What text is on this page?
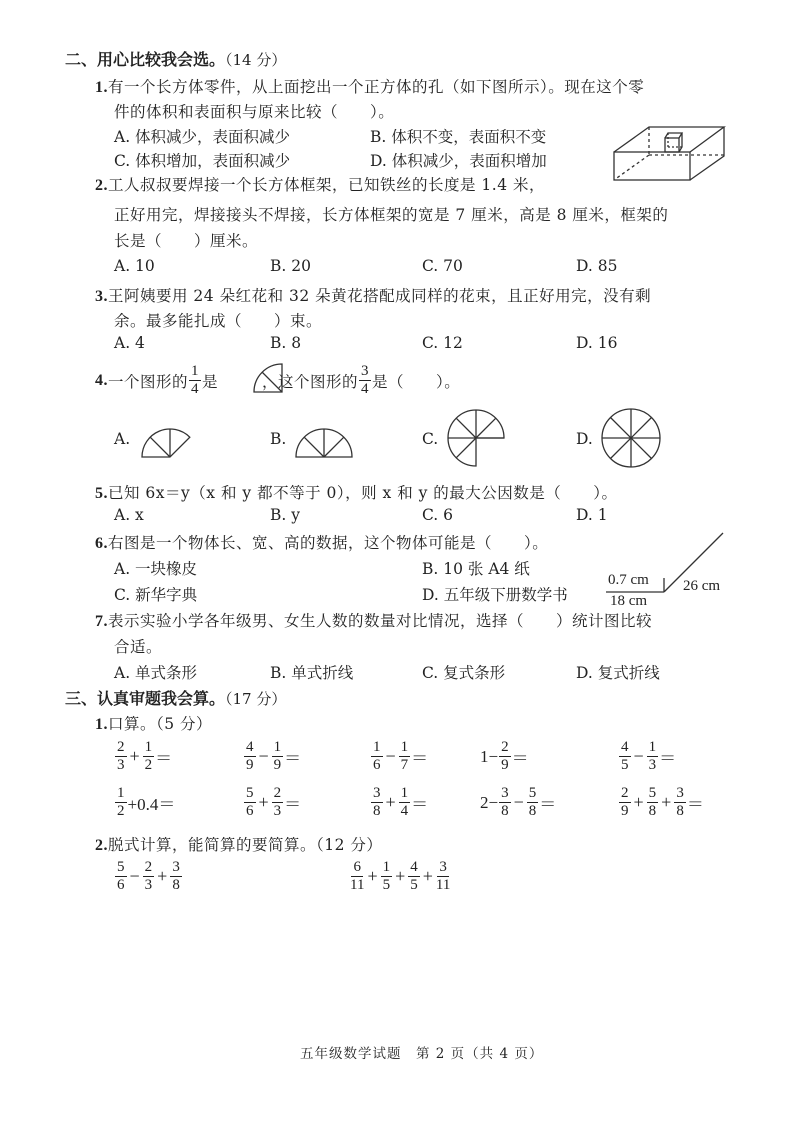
二、用心比较我会选。（14 分）
1.有一个长方体零件，从上面挖出一个正方体的孔（如下图所示）。现在这个零
件的体积和表面积与原来比较（　　）。
A. 体积减少，表面积减少	B. 体积不变，表面积不变
C. 体积增加，表面积减少	D. 体积减少，表面积增加
2.工人叔叔要焊接一个长方体框架，已知铁丝的长度是 1.4 米，
正好用完，焊接接头不焊接，长方体框架的宽是 7 厘米，高是 8 厘米，框架的
长是（　　）厘米。
A. 10	B. 20	C. 70	D. 85
3.王阿姨要用 24 朵红花和 32 朵黄花搭配成同样的花束，且正好用完，没有剩
余。最多能扎成（　　）束。
A. 4	B. 8	C. 12	D. 16
4. 一个图形的 $\frac{1}{4}$ 是	，这个图形的 $\frac{3}{4}$ 是（　　）。
A.	B.	C.	D.
5.已知 6x＝y（x 和 y 都不等于 0），则 x 和 y 的最大公因数是（　　）。
A. x	B. y	C. 6	D. 1
6.右图是一个物体长、宽、高的数据，这个物体可能是（　　）。
A. 一块橡皮	B. 10 张 A4 纸
C. 新华字典	D. 五年级下册数学书
0.7 cm
18 cm
26 cm
7.表示实验小学各年级男、女生人数的数量对比情况，选择（　　）统计图比较
合适。
A. 单式条形	B. 单式折线	C. 复式条形	D. 复式折线
三、认真审题我会算。（17 分）
1.口算。（5 分）
$\frac{2}{3} + \frac{1}{2}$ ＝	$\frac{4}{9} - \frac{1}{9}$ ＝	$\frac{1}{6} - \frac{1}{7}$ ＝	$1- \frac{2}{9}$ ＝	$\frac{4}{5} - \frac{1}{3}$ ＝
$\frac{1}{2} +0.4=$	$\frac{5}{6} + \frac{2}{3}$ ＝	$\frac{3}{8} + \frac{1}{4}$ ＝	$2- \frac{3}{8} - \frac{5}{8}$ ＝	$\frac{2}{9} + \frac{5}{8} + \frac{3}{8}$ ＝
2.脱式计算，能简算的要简算。（12 分）
$\frac{5}{6} - \frac{2}{3} + \frac{3}{8}$	$\frac{6}{11} + \frac{1}{5} + \frac{4}{5} + \frac{3}{11}$
五年级数学试题　第 2 页（共 4 页）
